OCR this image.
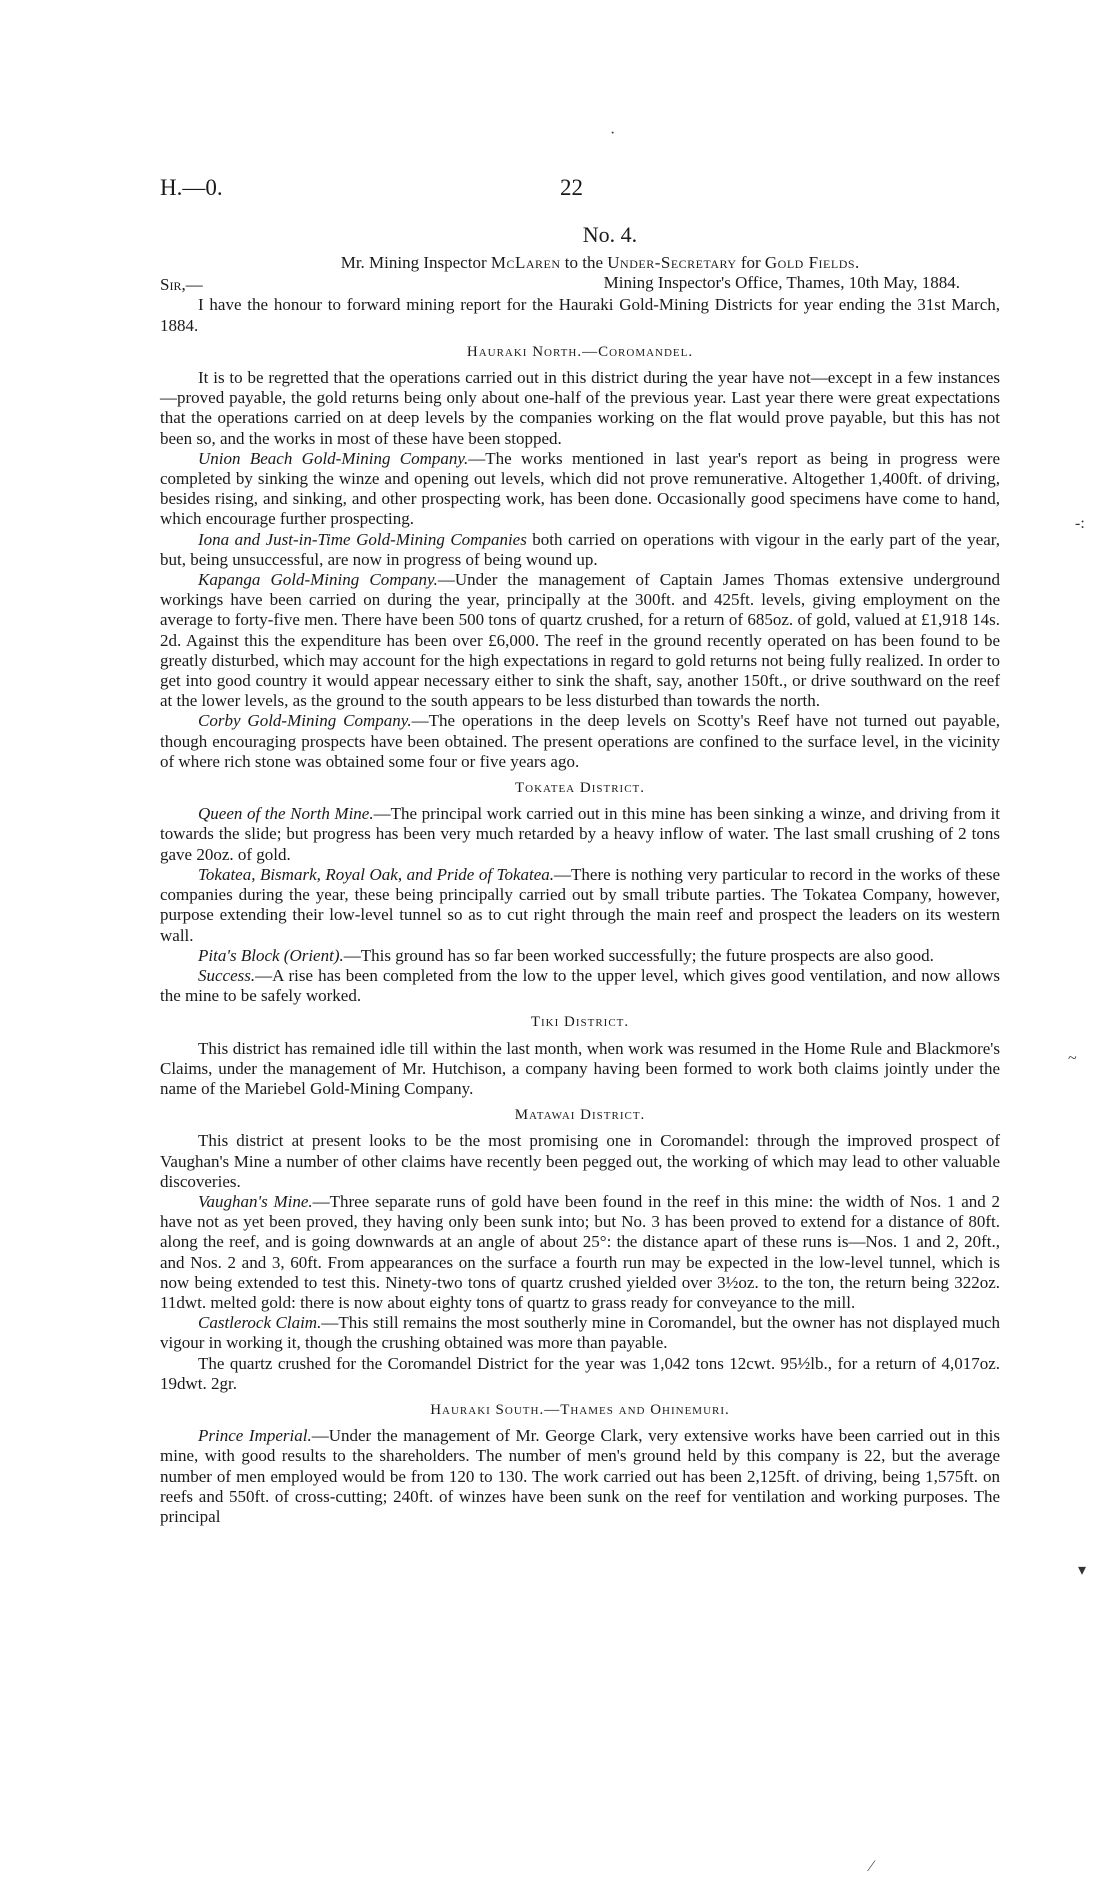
H.—0.	22
·
-:
~
▾
⁄
No. 4.
Mr. Mining Inspector McLaren to the Under-Secretary for Gold Fields.
Sir,—	Mining Inspector's Office, Thames, 10th May, 1884.

I have the honour to forward mining report for the Hauraki Gold-Mining Districts for year ending the 31st March, 1884.

Hauraki North.—Coromandel.

It is to be regretted that the operations carried out in this district during the year have not—except in a few instances—proved payable, the gold returns being only about one-half of the previous year. Last year there were great expectations that the operations carried on at deep levels by the companies working on the flat would prove payable, but this has not been so, and the works in most of these have been stopped.

Union Beach Gold-Mining Company.—The works mentioned in last year's report as being in progress were completed by sinking the winze and opening out levels, which did not prove remunerative. Altogether 1,400ft. of driving, besides rising, and sinking, and other prospecting work, has been done. Occasionally good specimens have come to hand, which encourage further prospecting.

Iona and Just-in-Time Gold-Mining Companies both carried on operations with vigour in the early part of the year, but, being unsuccessful, are now in progress of being wound up.

Kapanga Gold-Mining Company.—Under the management of Captain James Thomas extensive underground workings have been carried on during the year, principally at the 300ft. and 425ft. levels, giving employment on the average to forty-five men. There have been 500 tons of quartz crushed, for a return of 685oz. of gold, valued at £1,918 14s. 2d. Against this the expenditure has been over £6,000. The reef in the ground recently operated on has been found to be greatly disturbed, which may account for the high expectations in regard to gold returns not being fully realized. In order to get into good country it would appear necessary either to sink the shaft, say, another 150ft., or drive southward on the reef at the lower levels, as the ground to the south appears to be less disturbed than towards the north.

Corby Gold-Mining Company.—The operations in the deep levels on Scotty's Reef have not turned out payable, though encouraging prospects have been obtained. The present operations are confined to the surface level, in the vicinity of where rich stone was obtained some four or five years ago.

Tokatea District.

Queen of the North Mine.—The principal work carried out in this mine has been sinking a winze, and driving from it towards the slide; but progress has been very much retarded by a heavy inflow of water. The last small crushing of 2 tons gave 20oz. of gold.

Tokatea, Bismark, Royal Oak, and Pride of Tokatea.—There is nothing very particular to record in the works of these companies during the year, these being principally carried out by small tribute parties. The Tokatea Company, however, purpose extending their low-level tunnel so as to cut right through the main reef and prospect the leaders on its western wall.

Pita's Block (Orient).—This ground has so far been worked successfully; the future prospects are also good.

Success.—A rise has been completed from the low to the upper level, which gives good ventilation, and now allows the mine to be safely worked.

Tiki District.

This district has remained idle till within the last month, when work was resumed in the Home Rule and Blackmore's Claims, under the management of Mr. Hutchison, a company having been formed to work both claims jointly under the name of the Mariebel Gold-Mining Company.

Matawai District.

This district at present looks to be the most promising one in Coromandel: through the improved prospect of Vaughan's Mine a number of other claims have recently been pegged out, the working of which may lead to other valuable discoveries.

Vaughan's Mine.—Three separate runs of gold have been found in the reef in this mine: the width of Nos. 1 and 2 have not as yet been proved, they having only been sunk into; but No. 3 has been proved to extend for a distance of 80ft. along the reef, and is going downwards at an angle of about 25°: the distance apart of these runs is—Nos. 1 and 2, 20ft., and Nos. 2 and 3, 60ft. From appearances on the surface a fourth run may be expected in the low-level tunnel, which is now being extended to test this. Ninety-two tons of quartz crushed yielded over 3½oz. to the ton, the return being 322oz. 11dwt. melted gold: there is now about eighty tons of quartz to grass ready for conveyance to the mill.

Castlerock Claim.—This still remains the most southerly mine in Coromandel, but the owner has not displayed much vigour in working it, though the crushing obtained was more than payable.

The quartz crushed for the Coromandel District for the year was 1,042 tons 12cwt. 95½lb., for a return of 4,017oz. 19dwt. 2gr.

Hauraki South.—Thames and Ohinemuri.

Prince Imperial.—Under the management of Mr. George Clark, very extensive works have been carried out in this mine, with good results to the shareholders. The number of men's ground held by this company is 22, but the average number of men employed would be from 120 to 130. The work carried out has been 2,125ft. of driving, being 1,575ft. on reefs and 550ft. of cross-cutting; 240ft. of winzes have been sunk on the reef for ventilation and working purposes. The principal
